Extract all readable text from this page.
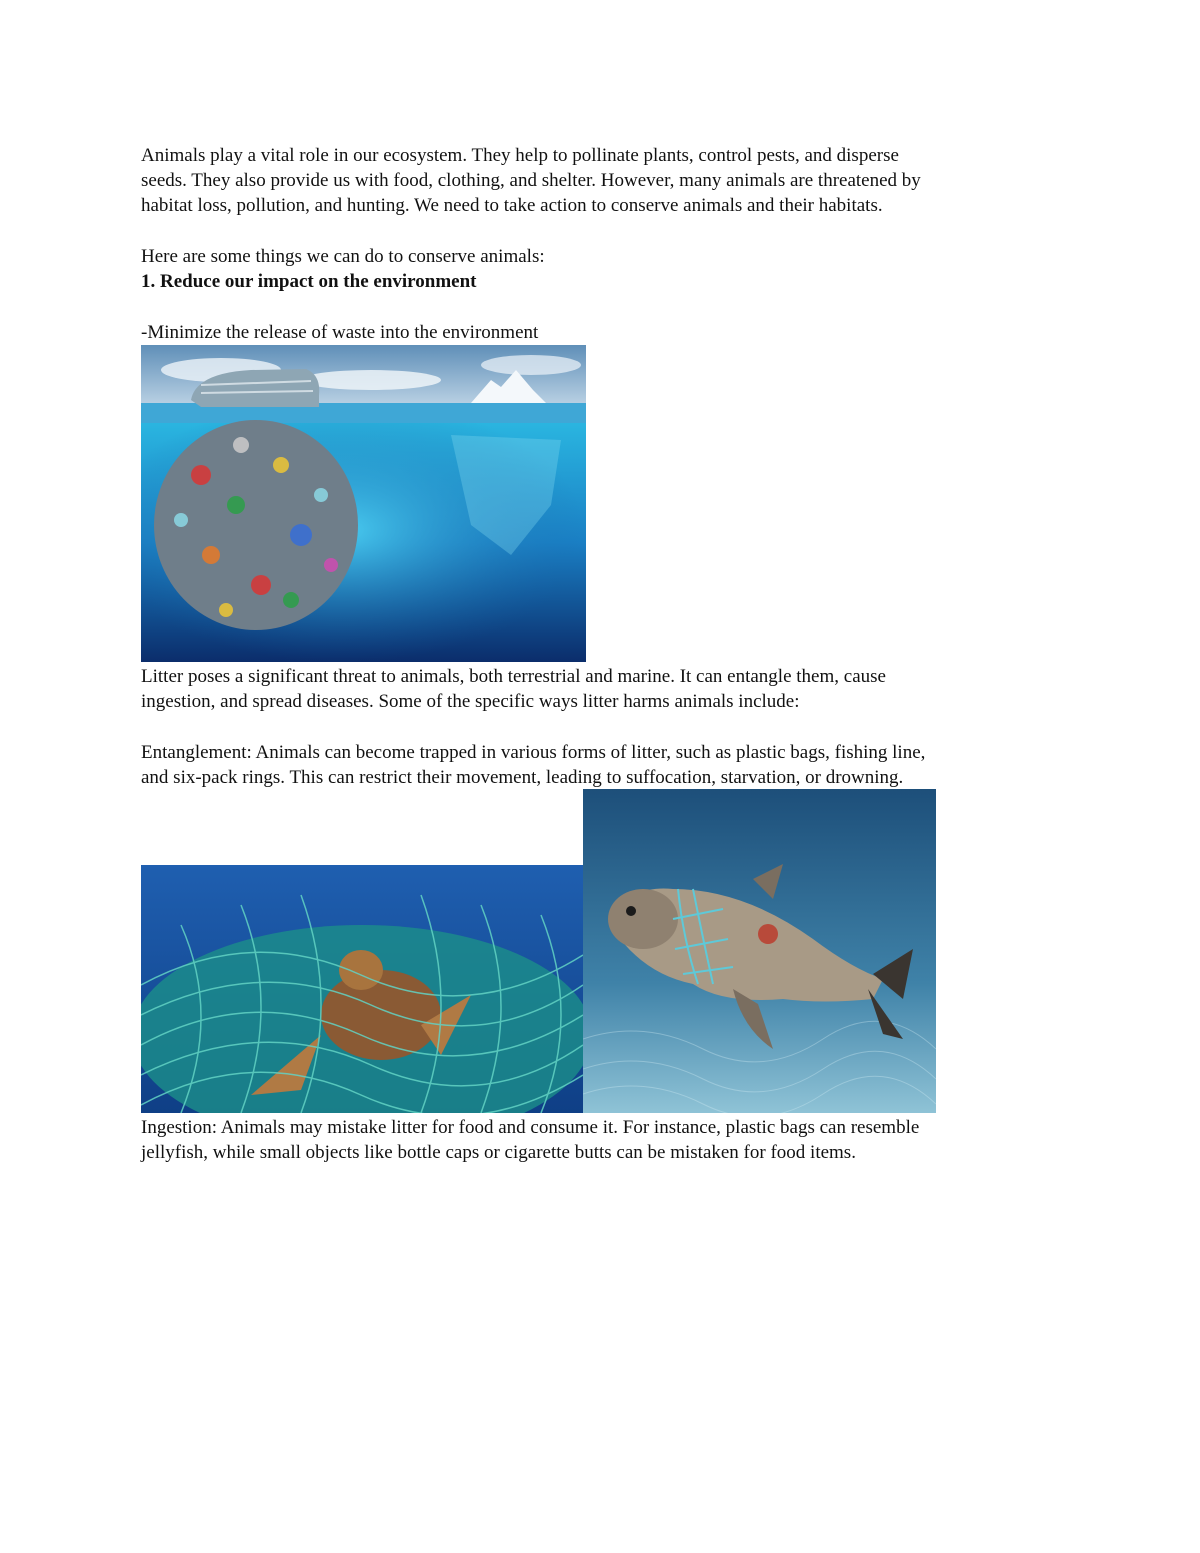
Animals play a vital role in our ecosystem. They help to pollinate plants, control pests, and disperse

seeds. They also provide us with food, clothing, and shelter. However, many animals are threatened by

habitat loss, pollution, and hunting. We need to take action to conserve animals and their habitats.

Here are some things we can do to conserve animals:

1. Reduce our impact on the environment

-Minimize the release of waste into the environment

Litter poses a significant threat to animals, both terrestrial and marine. It can entangle them, cause

ingestion, and spread diseases. Some of the specific ways litter harms animals include:

Entanglement: Animals can become trapped in various forms of litter, such as plastic bags, fishing line,

and six-pack rings. This can restrict their movement, leading to suffocation, starvation, or drowning.

Ingestion: Animals may mistake litter for food and consume it. For instance, plastic bags can resemble

jellyfish, while small objects like bottle caps or cigarette butts can be mistaken for food items.
